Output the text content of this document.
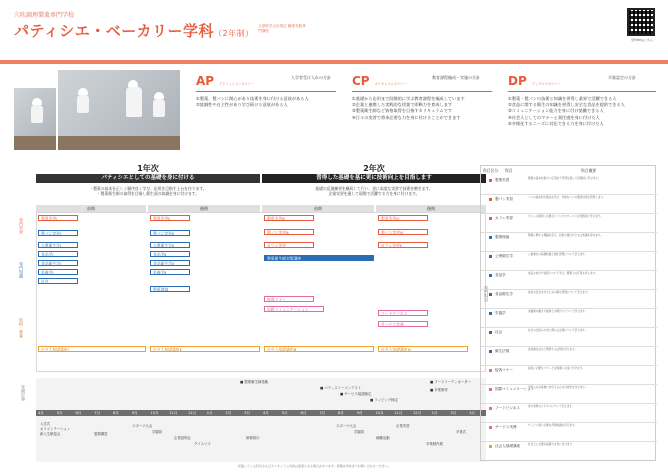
穴吹調理製菓専門学校
パティシエ・ベーカリー学科（2年制）
文部科学大臣指定 職業実践専門課程
学科HPはこちら
AP アドミッションポリシー
入学者受け入れの方針
①製菓、製パンに関心があり技術を身に付ける意欲がある人
②協調性や自主性があり学び続ける意欲がある人
CP カリキュラムポリシー
教育課程編成・実施の方針
①基礎から応用まで段階的に学ぶ教育課程を編成しています
②企業と連携した実践的な授業で即戦力を育成します
③製菓衛生師など資格取得を目指すカリキュラムです
④日々の実習で将来必要な力を身に付けることができます
DP ディプロマポリシー
卒業認定の方針
①製菓・製パンの技術と知識を習得し業界で活躍できる人
②食品に関する衛生の知識を習得し安全な食品を提供できる人
③コミュニケーション能力を身に付け協働できる人
④社会人としてのマナーと責任感を身に付けた人
⑤多様化するニーズに対応できる力を身に付けた人
1年次	2年次
パティシエとしての基礎を身に付ける	習得した基礎を基に更に技術向上を目指します
・製菓の基本を正しく順序良く学び、応用を目指す土台を作ります。
・製菓衛生師の取得を目指し衛生面の知識を身に付けます。
基礎の反復練習を継続して行い、更に高度な実習で技術を磨きます。
企業実習を通して現場で活躍する力を身に付けます。
前期	後期	前期	後期
専門実習
専門知識
資格・教養
製菓実習Ⅰ
製パン実習Ⅰ
公衆衛生学Ⅰ
食品学Ⅰ
食品衛生学Ⅰ
栄養学Ⅰ
社会
社会人基礎講座Ⅰ
製菓実習Ⅱ
製パン実習Ⅱ
公衆衛生学Ⅱ
食品学Ⅱ
食品衛生学Ⅱ
栄養学Ⅱ
製菓理論
社会人基礎講座Ⅱ
製菓実習Ⅲ
製パン実習Ⅲ
カフェ実習
製菓衛生師対策講座
接客マナー
国際コミュニケーション
社会人基礎講座Ⅲ
製菓実習Ⅳ
製パン実習Ⅳ
カフェ実習Ⅱ
フードビジネス
サービス実務
社会人基礎講座Ⅳ
年間行事
■ 製菓衛生師受験
■ パティスリーコンテスト
■ サービス接遇検定
■ ラッピング検定
■ フードコーディネーター
■ 卒業制作
4月	5月	6月	7月	8月	9月	10月	11月	12月	1月	2月	3月	4月	5月	6月	7月	8月	9月	10月	11月	12月	1月	2月	3月
入学式
オリエンテーション
新入生歓迎会	夏期講習
スポーツ大会
学園祭
企業説明会
クリスマス
研修旅行
スポーツ大会
学園祭
就職活動
企業実習
卒業制作展
卒業式
科目区分 科目	科目概要
専門科目
製菓実習	製菓の基本技術から応用まで実習を通して段階的に学びます。
製パン実習	パンの基本的な製法を学び、多様なパンの製造技術を習得します。
カフェ実習	カフェの運営に必要なドリンクやサービスを実践的に学びます。
製菓理論	製菓に関する理論を学び、技術の裏付けとなる知識を深めます。
公衆衛生学	公衆衛生の基礎知識と衛生管理について学びます。
食品学	食品の成分や性質について学び、製菓への応用を考えます。
食品衛生学	食品の安全を守るための衛生管理について学びます。
栄養学	栄養素の働きや健康との関わりについて学びます。
社会	社会の仕組みや食に関わる法規について学びます。
衛生法規	食品衛生法など関連する法規を学びます。
接客マナー	接客に必要なマナーと言葉遣いを身に付けます。
国際コミュニケーション
外国人のお客様に対応するための語学を学びます。
フードビジネス	食の業界のビジネスについて学びます。
サービス実務	サービス業に必要な実務知識を学びます。
社会人基礎講座	社会人に必要な基礎力を身に付けます。
記載している科目およびカリキュラム内容は変更となる場合があります。詳細は学校までお問い合わせください。
